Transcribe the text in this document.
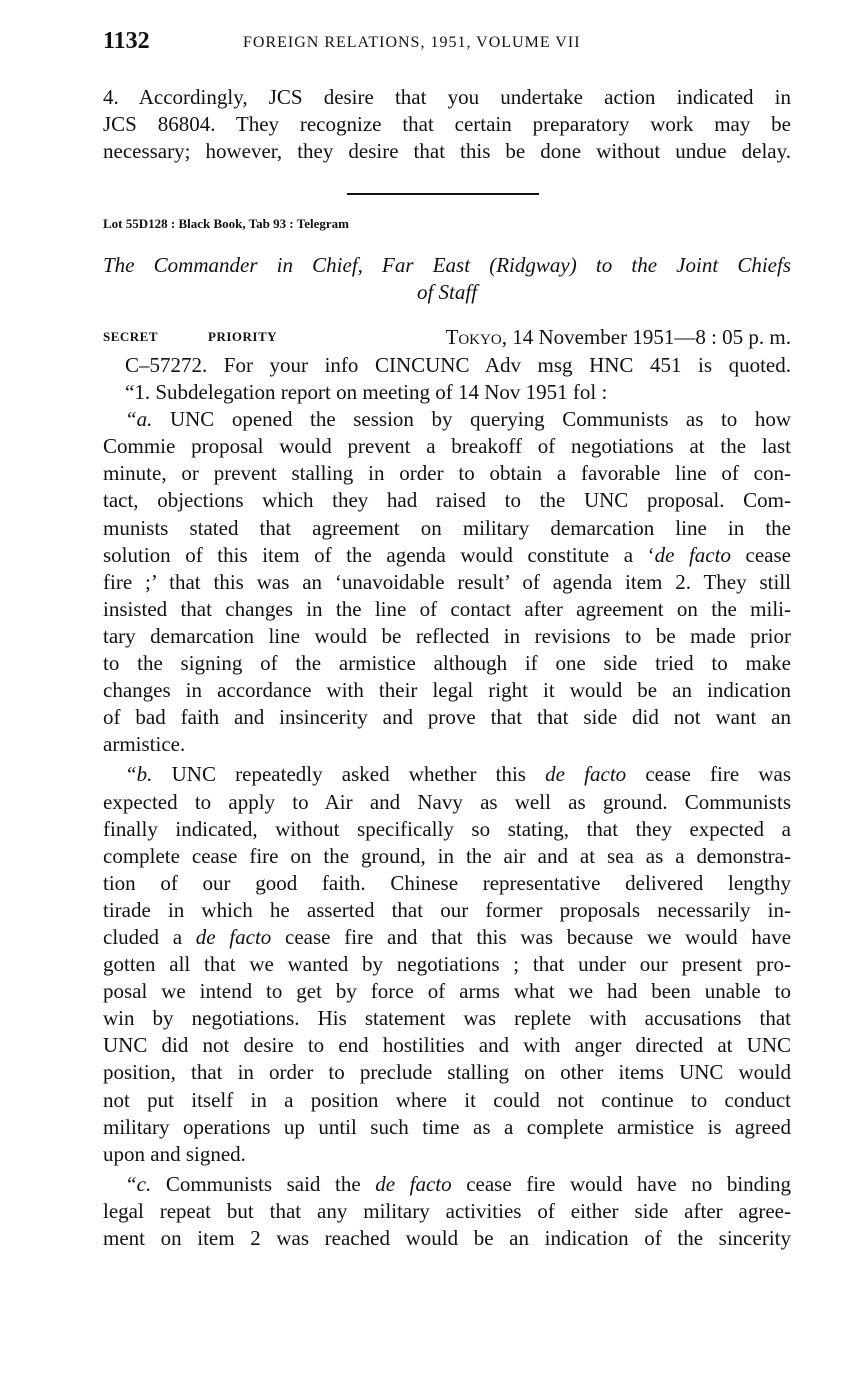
1132	FOREIGN RELATIONS, 1951, VOLUME VII
4. Accordingly, JCS desire that you undertake action indicated in
JCS 86804. They recognize that certain preparatory work may be
necessary; however, they desire that this be done without undue delay.
Lot 55D128 : Black Book, Tab 93 : Telegram
The Commander in Chief, Far East (Ridgway) to the Joint Chiefs
of Staff
SECRET	PRIORITY	Tokyo, 14 November 1951—8 : 05 p. m.

C–57272. For your info CINCUNC Adv msg HNC 451 is quoted.

“1. Subdelegation report on meeting of 14 Nov 1951 fol :

“a. UNC opened the session by querying Communists as to how

Commie proposal would prevent a breakoff of negotiations at the last

minute, or prevent stalling in order to obtain a favorable line of con-

tact, objections which they had raised to the UNC proposal. Com-

munists stated that agreement on military demarcation line in the

solution of this item of the agenda would constitute a ‘de facto cease

fire ;’ that this was an ‘unavoidable result’ of agenda item 2. They still

insisted that changes in the line of contact after agreement on the mili-

tary demarcation line would be reflected in revisions to be made prior

to the signing of the armistice although if one side tried to make

changes in accordance with their legal right it would be an indication

of bad faith and insincerity and prove that that side did not want an

armistice.

“b. UNC repeatedly asked whether this de facto cease fire was

expected to apply to Air and Navy as well as ground. Communists

finally indicated, without specifically so stating, that they expected a

complete cease fire on the ground, in the air and at sea as a demonstra-

tion of our good faith. Chinese representative delivered lengthy

tirade in which he asserted that our former proposals necessarily in-

cluded a de facto cease fire and that this was because we would have

gotten all that we wanted by negotiations ; that under our present pro-

posal we intend to get by force of arms what we had been unable to

win by negotiations. His statement was replete with accusations that

UNC did not desire to end hostilities and with anger directed at UNC

position, that in order to preclude stalling on other items UNC would

not put itself in a position where it could not continue to conduct

military operations up until such time as a complete armistice is agreed

upon and signed.

“c. Communists said the de facto cease fire would have no binding

legal repeat but that any military activities of either side after agree-

ment on item 2 was reached would be an indication of the sincerity
